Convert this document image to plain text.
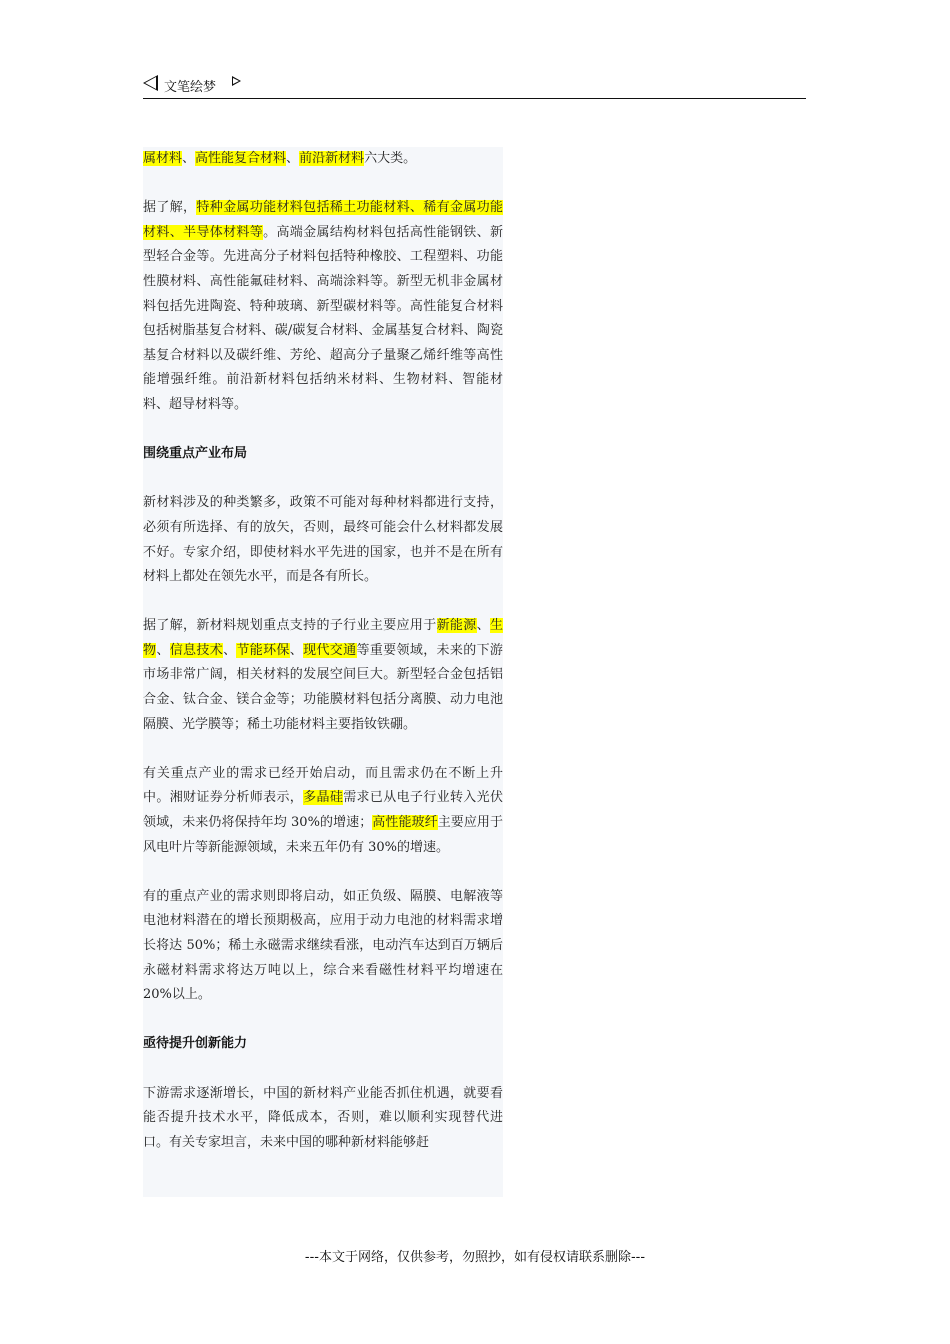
文笔绘梦

属材料、高性能复合材料、前沿新材料六大类。

据了解，特种金属功能材料包括稀土功能材料、稀有金属功能材料、半导体材料等。高端金属结构材料包括高性能钢铁、新型轻合金等。先进高分子材料包括特种橡胶、工程塑料、功能性膜材料、高性能氟硅材料、高端涂料等。新型无机非金属材料包括先进陶瓷、特种玻璃、新型碳材料等。高性能复合材料包括树脂基复合材料、碳/碳复合材料、金属基复合材料、陶瓷基复合材料以及碳纤维、芳纶、超高分子量聚乙烯纤维等高性能增强纤维。前沿新材料包括纳米材料、生物材料、智能材料、超导材料等。

围绕重点产业布局

新材料涉及的种类繁多，政策不可能对每种材料都进行支持，必须有所选择、有的放矢，否则，最终可能会什么材料都发展不好。专家介绍，即使材料水平先进的国家，也并不是在所有材料上都处在领先水平，而是各有所长。

据了解，新材料规划重点支持的子行业主要应用于新能源、生物、信息技术、节能环保、现代交通等重要领域，未来的下游市场非常广阔，相关材料的发展空间巨大。新型轻合金包括铝合金、钛合金、镁合金等；功能膜材料包括分离膜、动力电池隔膜、光学膜等；稀土功能材料主要指钕铁硼。

有关重点产业的需求已经开始启动，而且需求仍在不断上升中。湘财证券分析师表示，多晶硅需求已从电子行业转入光伏领域，未来仍将保持年均 30%的增速；高性能玻纤主要应用于风电叶片等新能源领域，未来五年仍有 30%的增速。

有的重点产业的需求则即将启动，如正负级、隔膜、电解液等电池材料潜在的增长预期极高，应用于动力电池的材料需求增长将达 50%；稀土永磁需求继续看涨，电动汽车达到百万辆后永磁材料需求将达万吨以上，综合来看磁性材料平均增速在 20%以上。

亟待提升创新能力

下游需求逐渐增长，中国的新材料产业能否抓住机遇，就要看能否提升技术水平，降低成本，否则，难以顺利实现替代进口。有关专家坦言，未来中国的哪种新材料能够赶

---本文于网络，仅供参考，勿照抄，如有侵权请联系删除---
